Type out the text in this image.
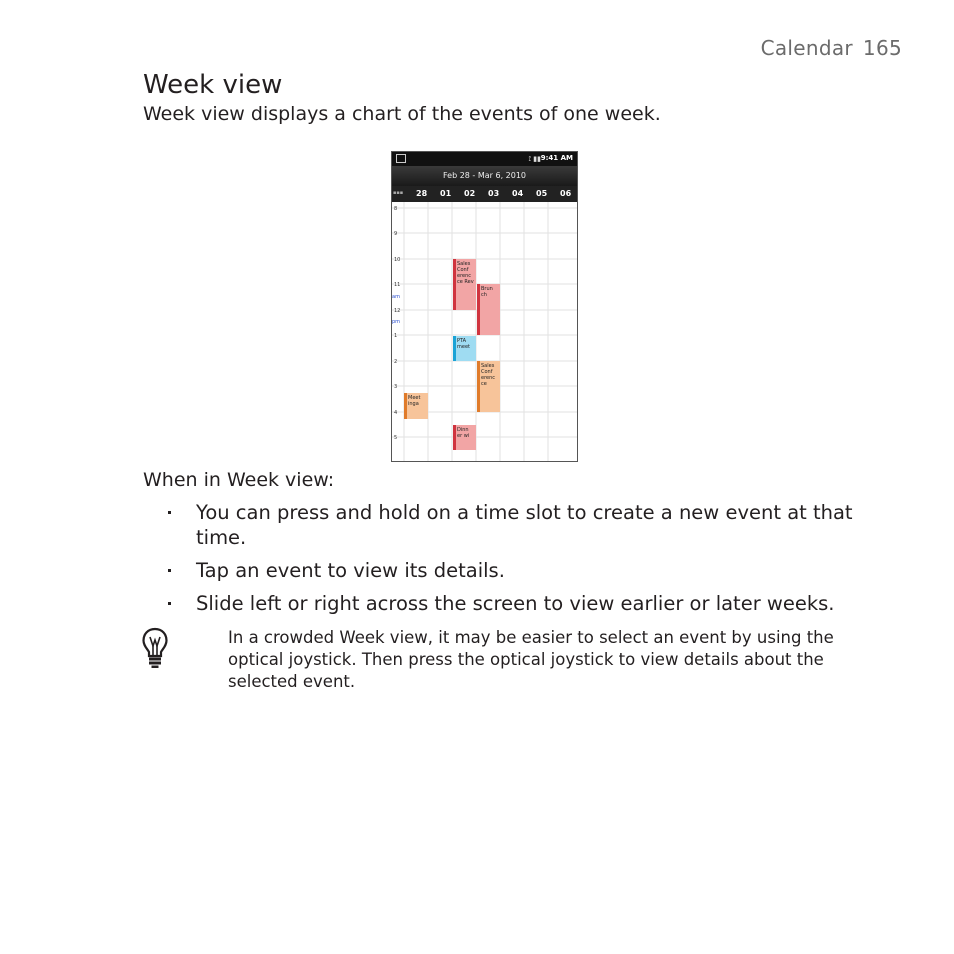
Calendar 165
Week view
Week view displays a chart of the events of one week.
⟟ ▮▮ 9:41 AM
Feb 28 - Mar 6, 2010
▪▪▪ 28 01 02 03 04 05 06
8
9
10
11
am
12
pm
1
2
3
4
5
Sales Conf erenc ce Rev
Brun ch
PTA meet
Sales Conf erenc ce
Meet inga
Dinn er wi
When in Week view:
You can press and hold on a time slot to create a new event at that time.
Tap an event to view its details.
Slide left or right across the screen to view earlier or later weeks.
In a crowded Week view, it may be easier to select an event by using the optical joystick. Then press the optical joystick to view details about the selected event.
